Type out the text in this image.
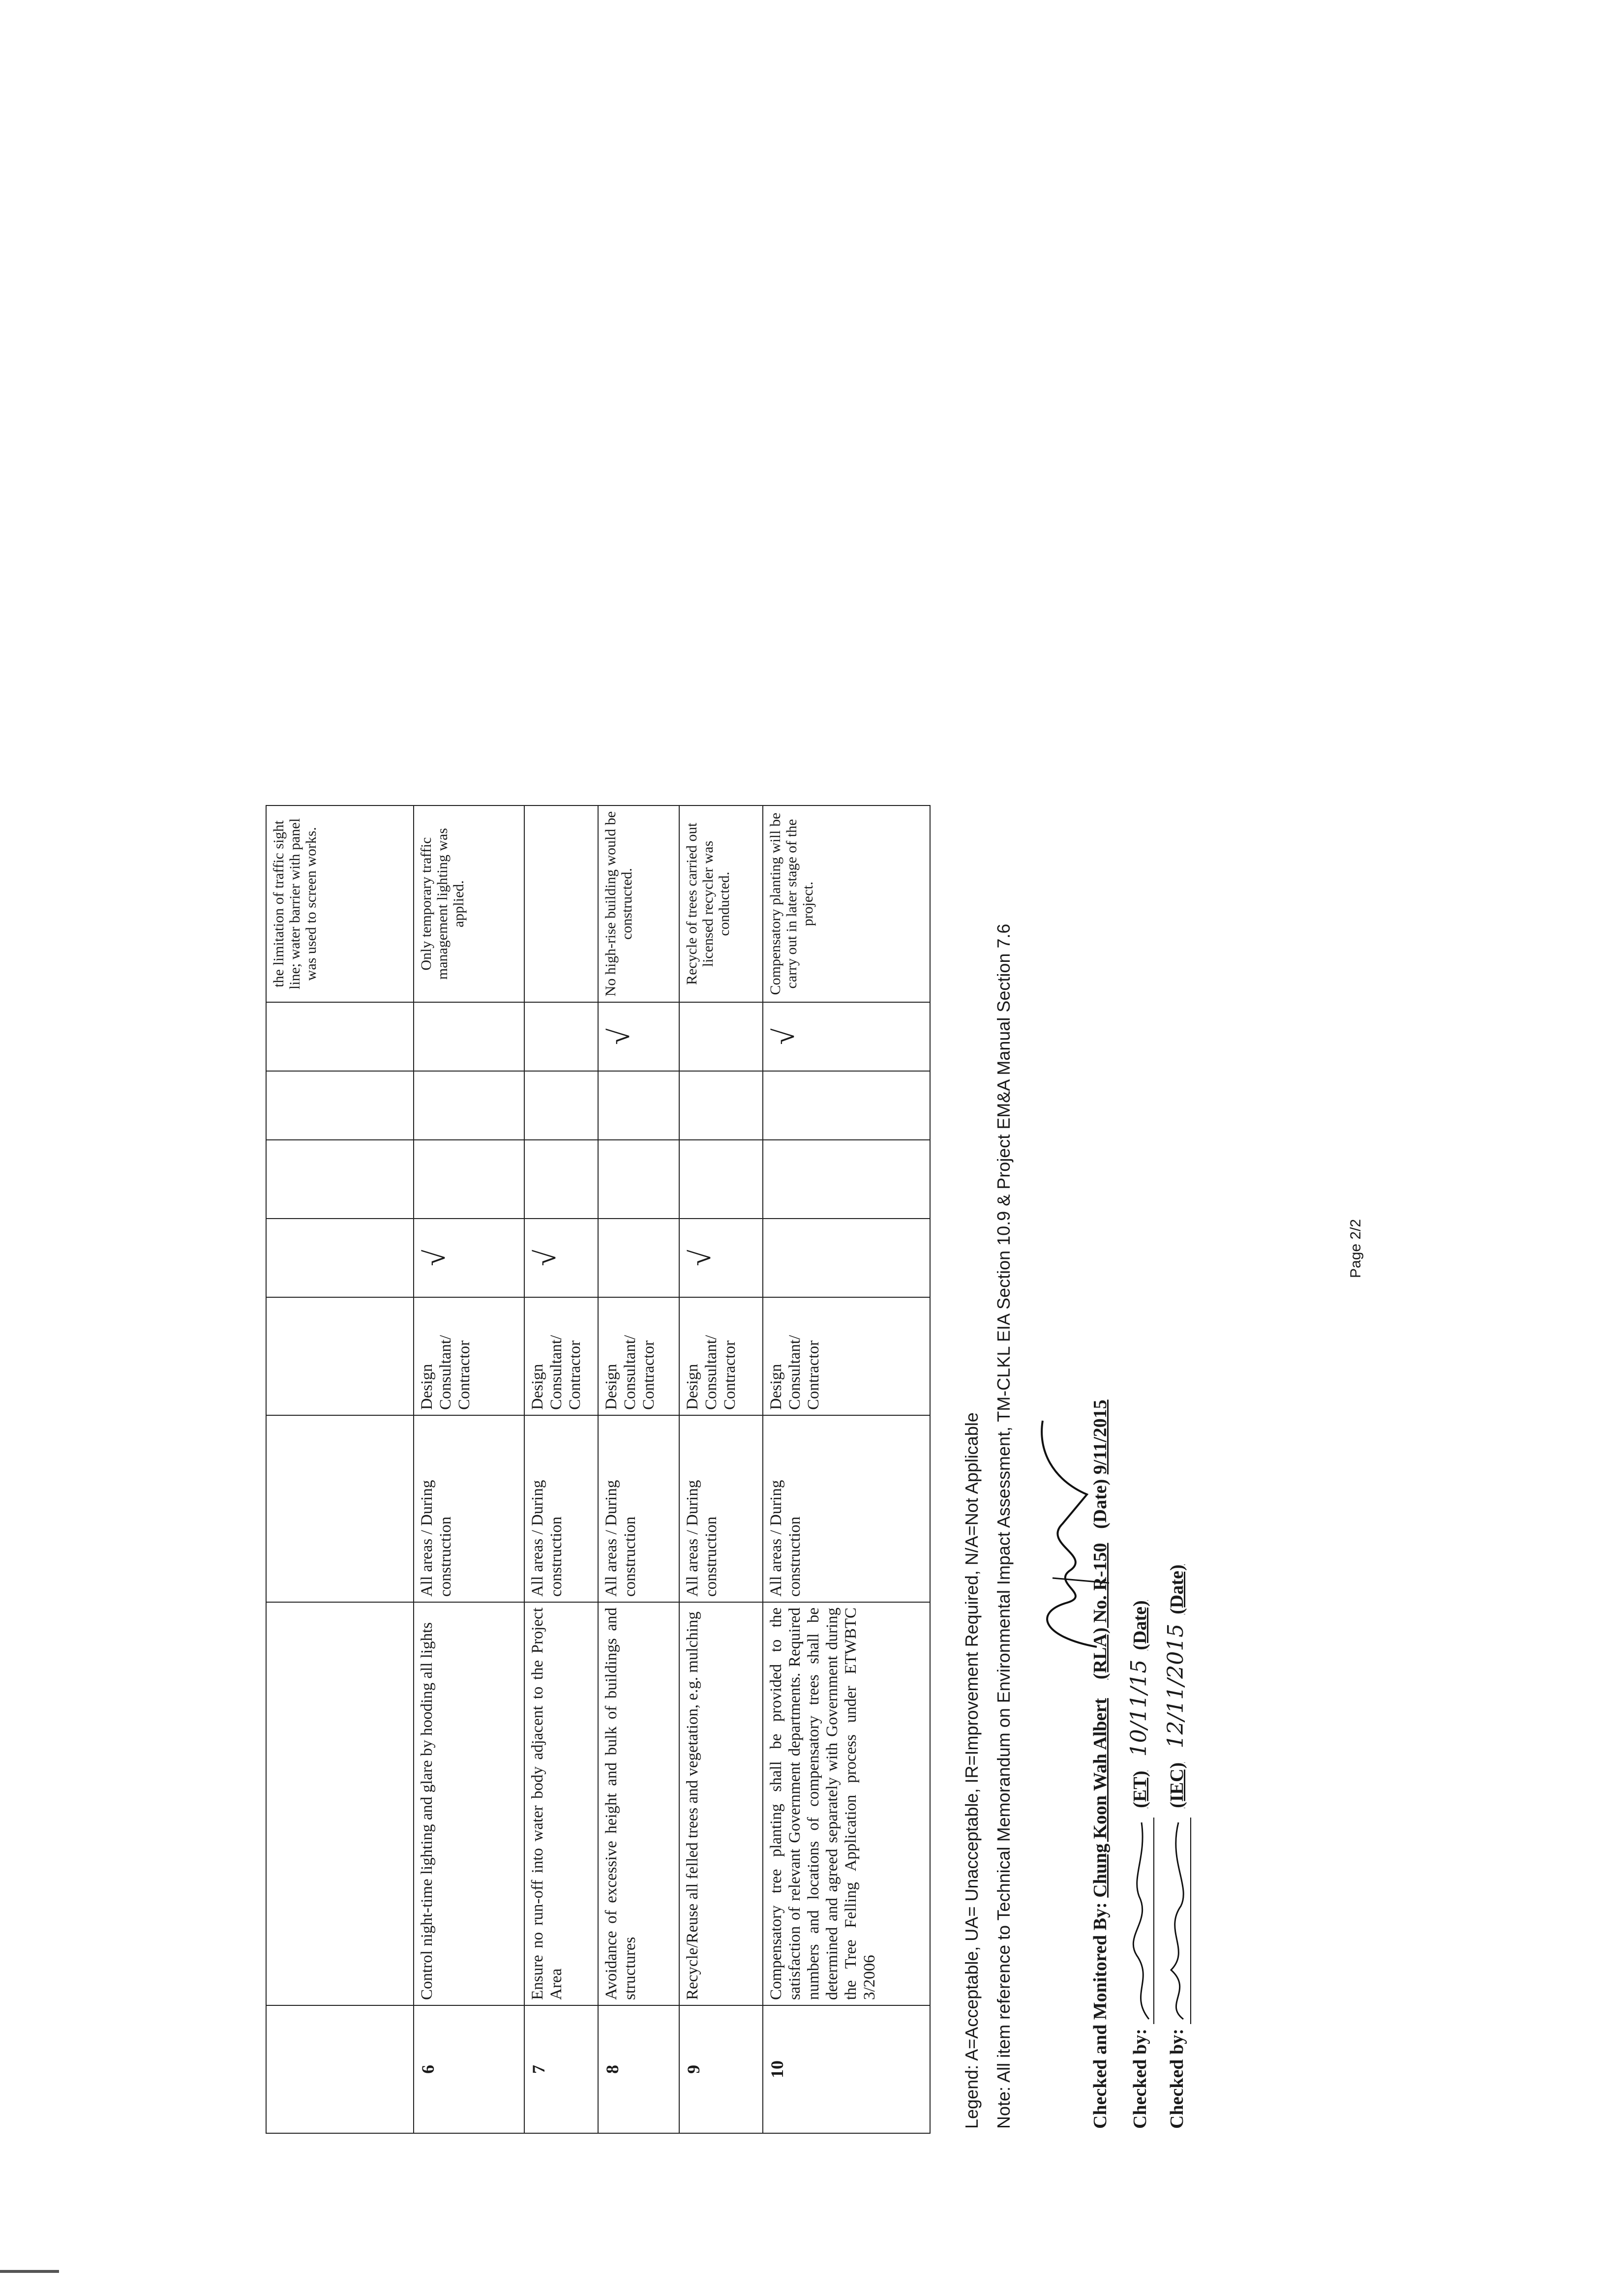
								the limitation of traffic sight line; water barrier with panel was used to screen works.
6	Control night-time lighting and glare by hooding all lights	All areas / During construction	Design Consultant/ Contractor	√				Only temporary traffic management lighting was applied.
7	Ensure no run-off into water body adjacent to the Project Area	All areas / During construction	Design Consultant/ Contractor	√				
8	Avoidance of excessive height and bulk of buildings and structures	All areas / During construction	Design Consultant/ Contractor				√	No high-rise building would be constructed.
9	Recycle/Reuse all felled trees and vegetation, e.g. mulching	All areas / During construction	Design Consultant/ Contractor	√				Recycle of trees carried out licensed recycler was conducted.
10	Compensatory tree planting shall be provided to the satisfaction of relevant Government departments. Required numbers and locations of compensatory trees shall be determined and agreed separately with Government during the Tree Felling Application process under ETWBTC 3/2006	All areas / During construction	Design Consultant/ Contractor				√	Compensatory planting will be carry out in later stage of the project.
Legend: A=Acceptable, UA= Unacceptable, IR=Improvement Required, N/A=Not Applicable Note: All item reference to Technical Memorandum on Environmental Impact Assessment, TM-CLKL EIA Section 10.9 & Project EM&A Manual Section 7.6	Checked and Monitored By: Chung Koon Wah Albert    (RLA) No. R-150   (Date) 9/11/2015
Checked by:   (ET)   10/11/15  (Date)
Checked by:   (IEC)   12/11/2015  (Date)
Page 2/2
